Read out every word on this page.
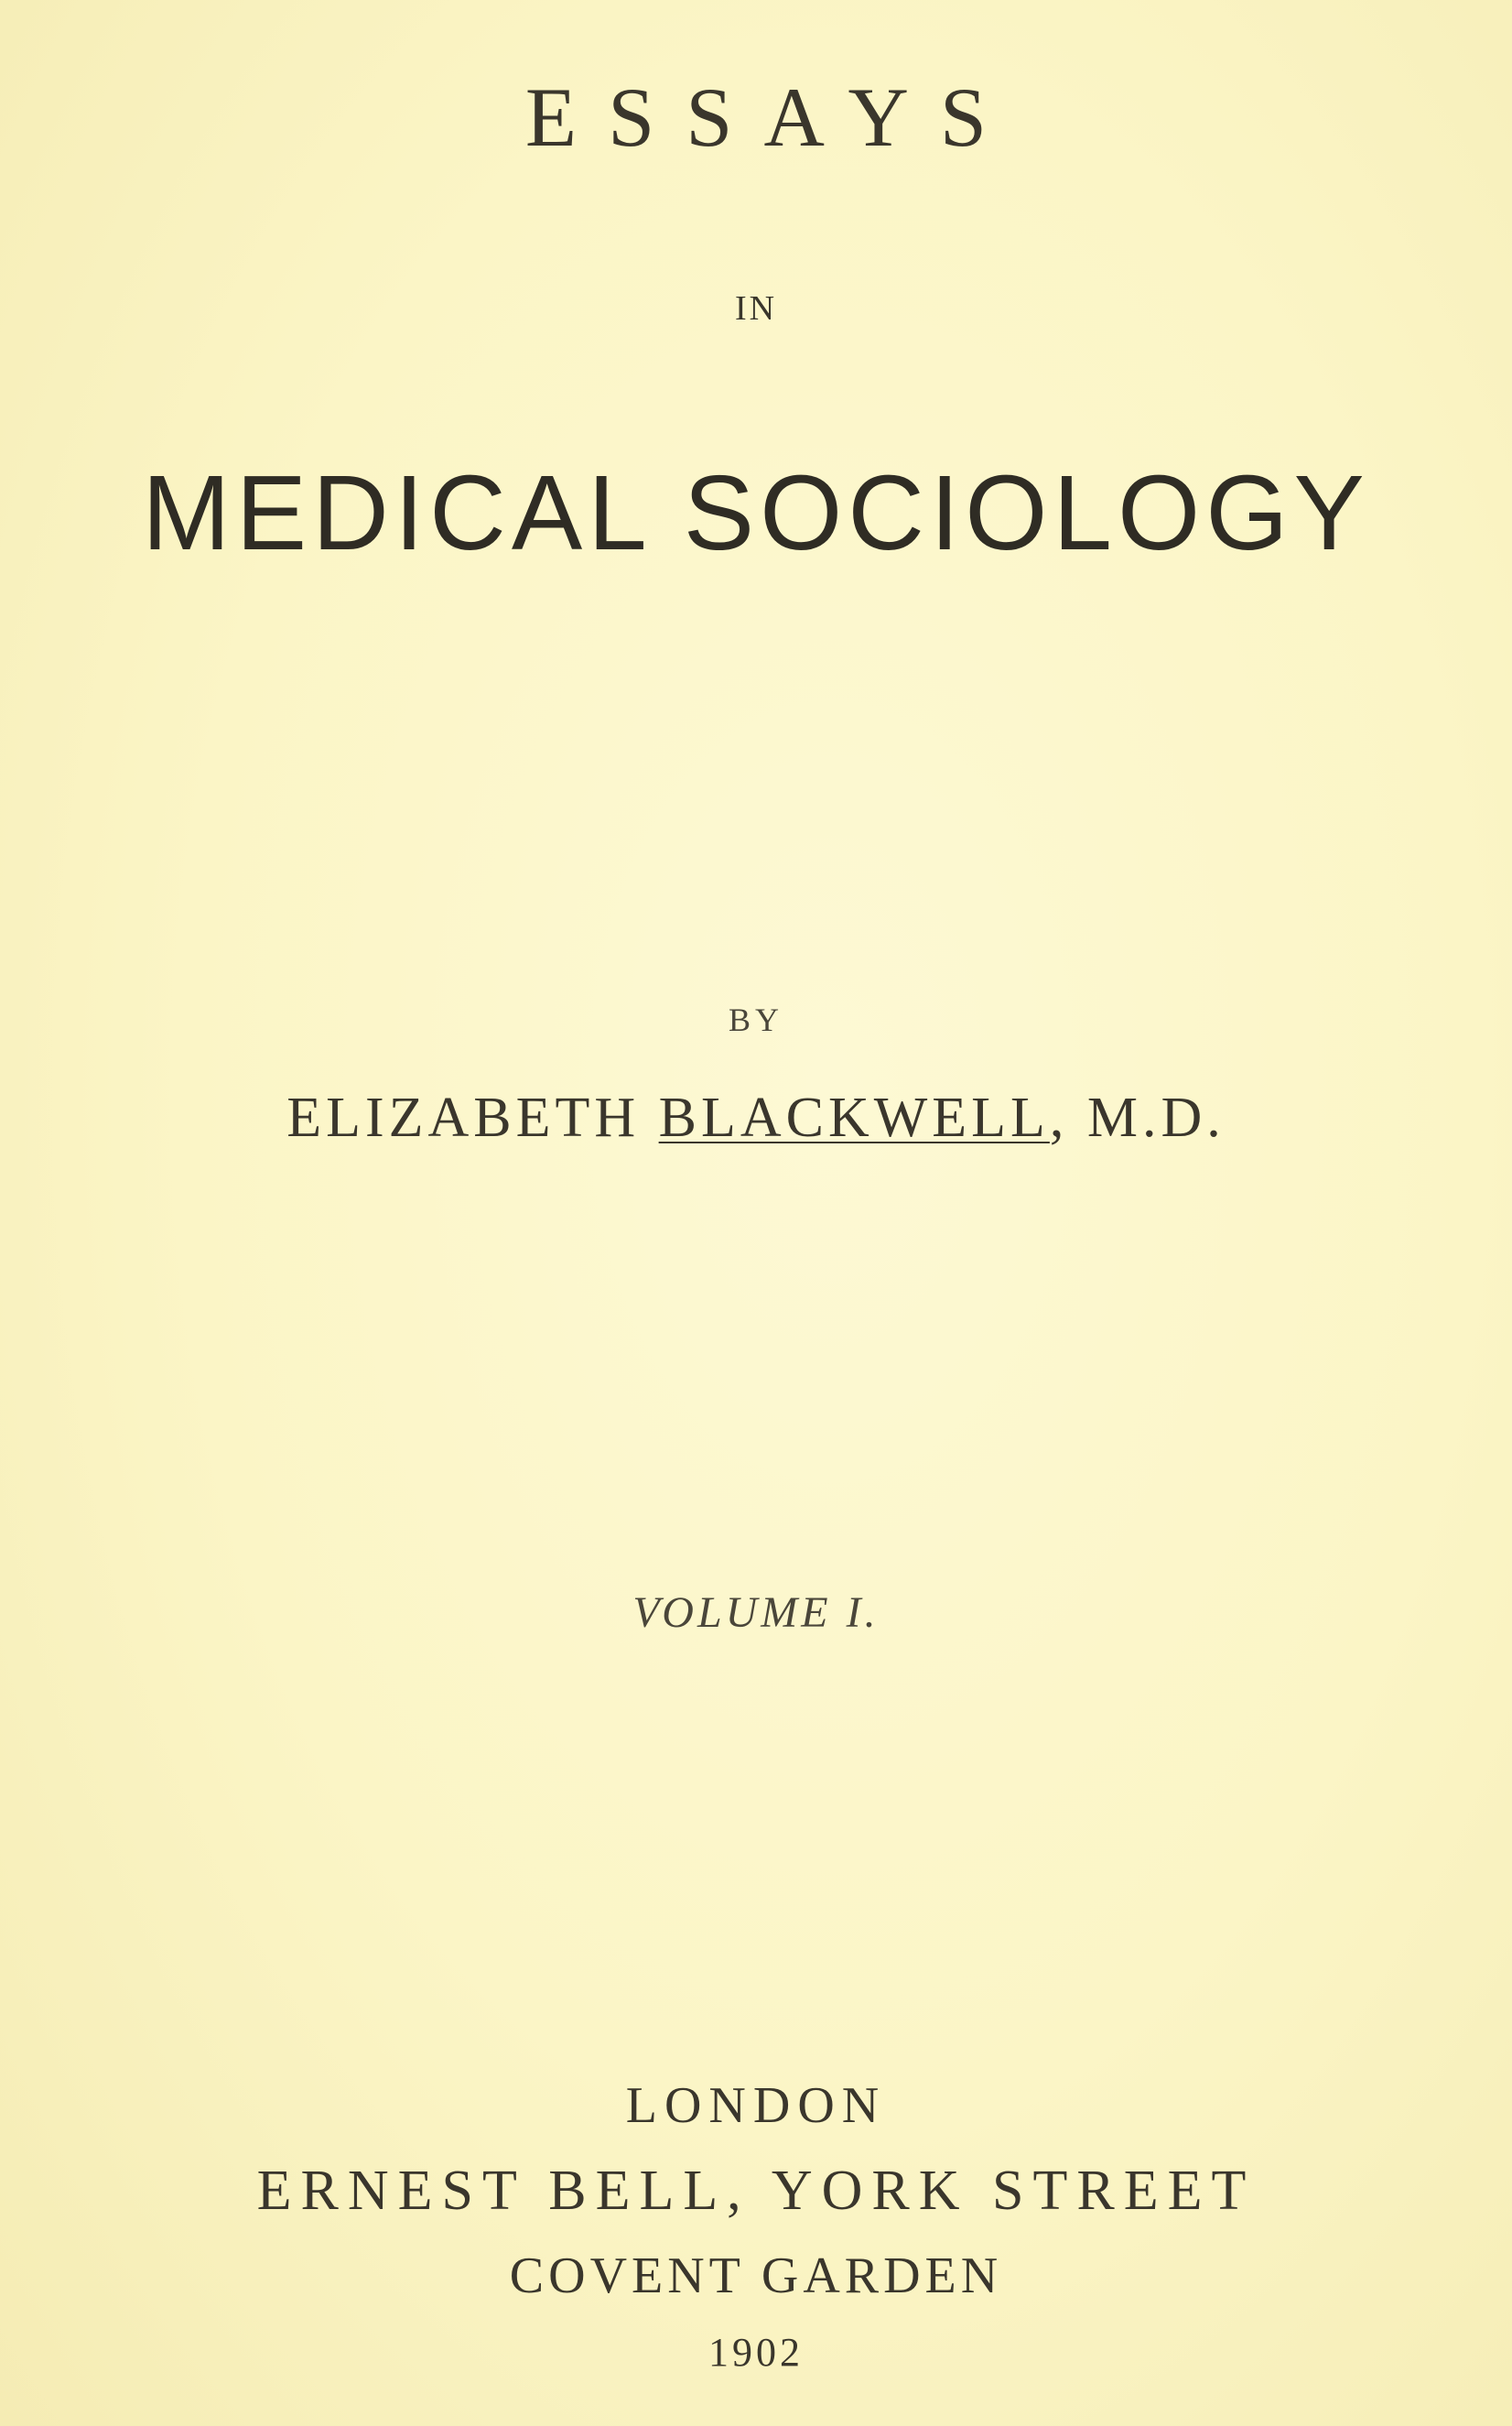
ESSAYS
IN
MEDICAL SOCIOLOGY
BY
ELIZABETH BLACKWELL, M.D.
VOLUME I.
LONDON
ERNEST BELL, YORK STREET
COVENT GARDEN
1902
